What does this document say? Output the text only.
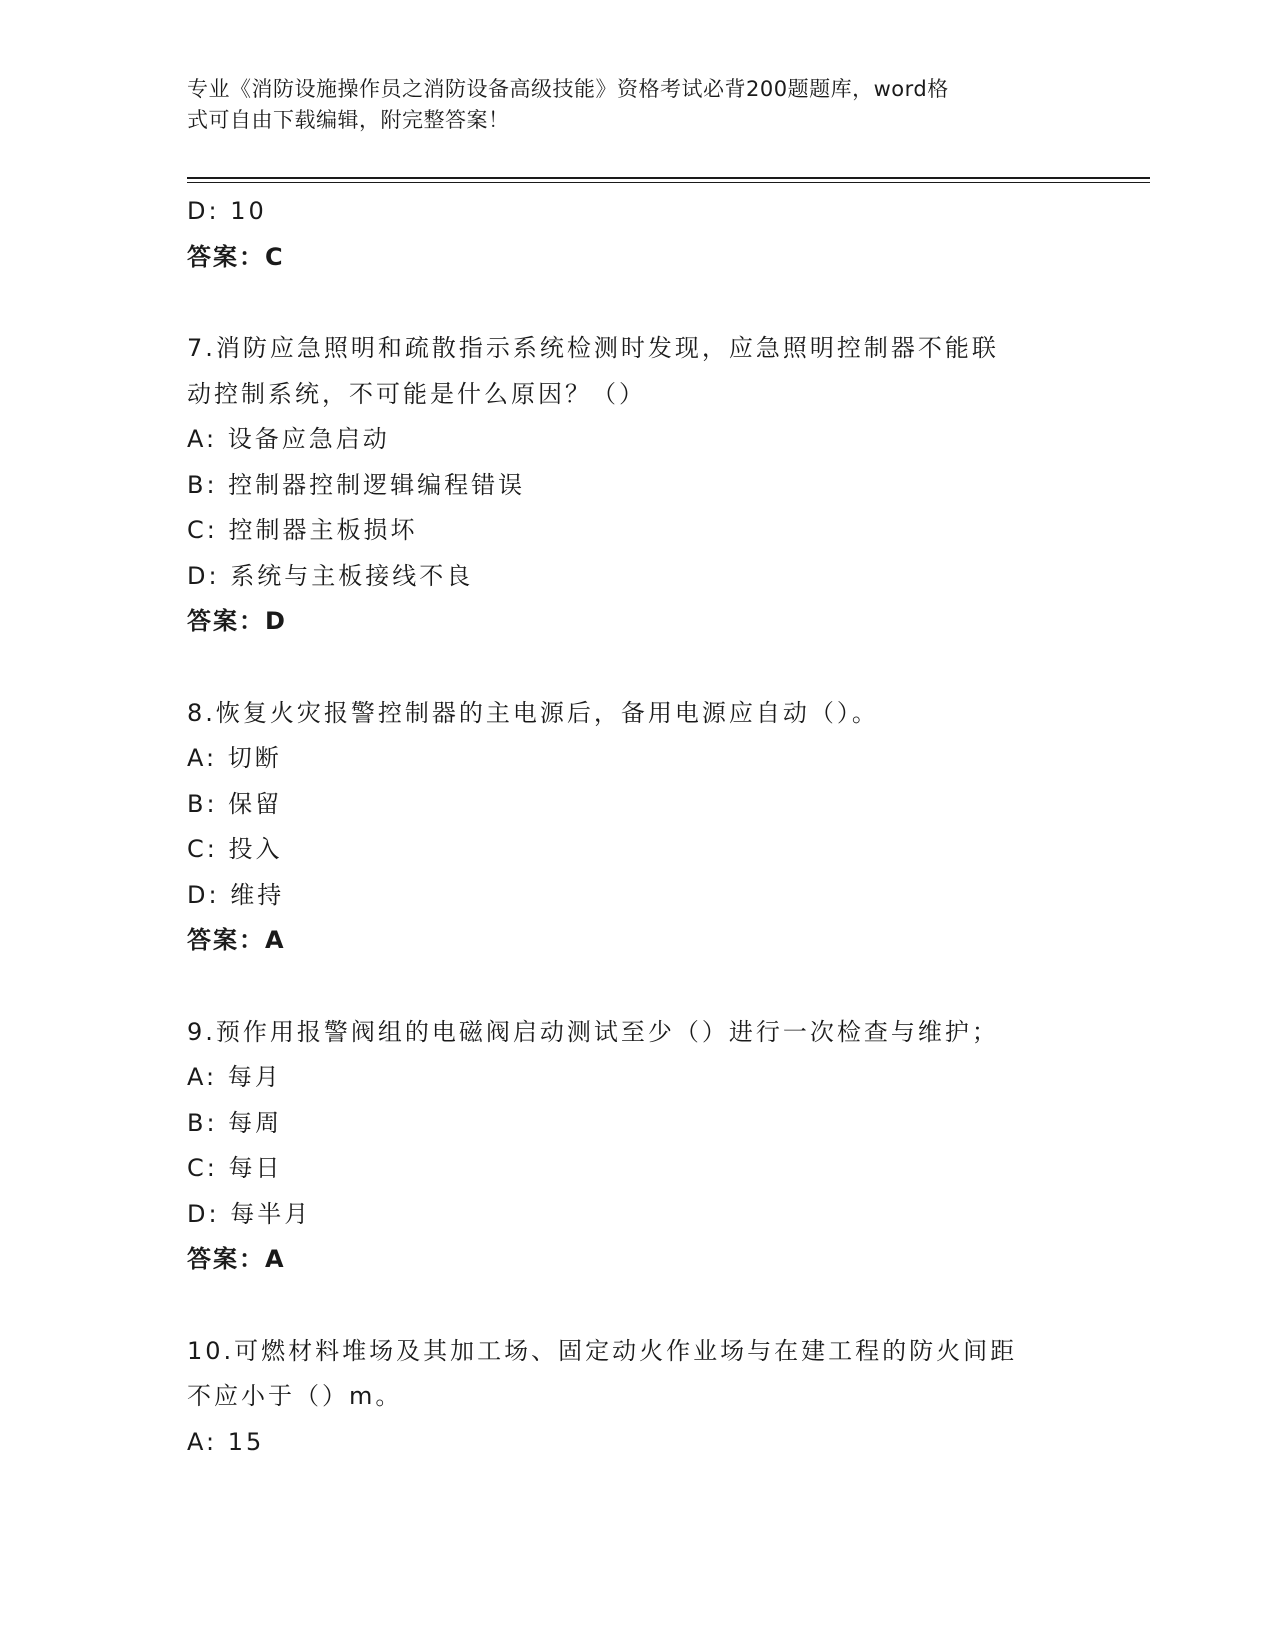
专业《消防设施操作员之消防设备高级技能》资格考试必背200题题库，word格
式可自由下载编辑，附完整答案！
D: 10
答案：C
7.消防应急照明和疏散指示系统检测时发现，应急照明控制器不能联
动控制系统，不可能是什么原因？（）
A: 设备应急启动
B: 控制器控制逻辑编程错误
C: 控制器主板损坏
D: 系统与主板接线不良
答案：D
8.恢复火灾报警控制器的主电源后，备用电源应自动（）。
A: 切断
B: 保留
C: 投入
D: 维持
答案：A
9.预作用报警阀组的电磁阀启动测试至少（）进行一次检查与维护；
A: 每月
B: 每周
C: 每日
D: 每半月
答案：A
10.可燃材料堆场及其加工场、固定动火作业场与在建工程的防火间距
不应小于（）m。
A: 15
